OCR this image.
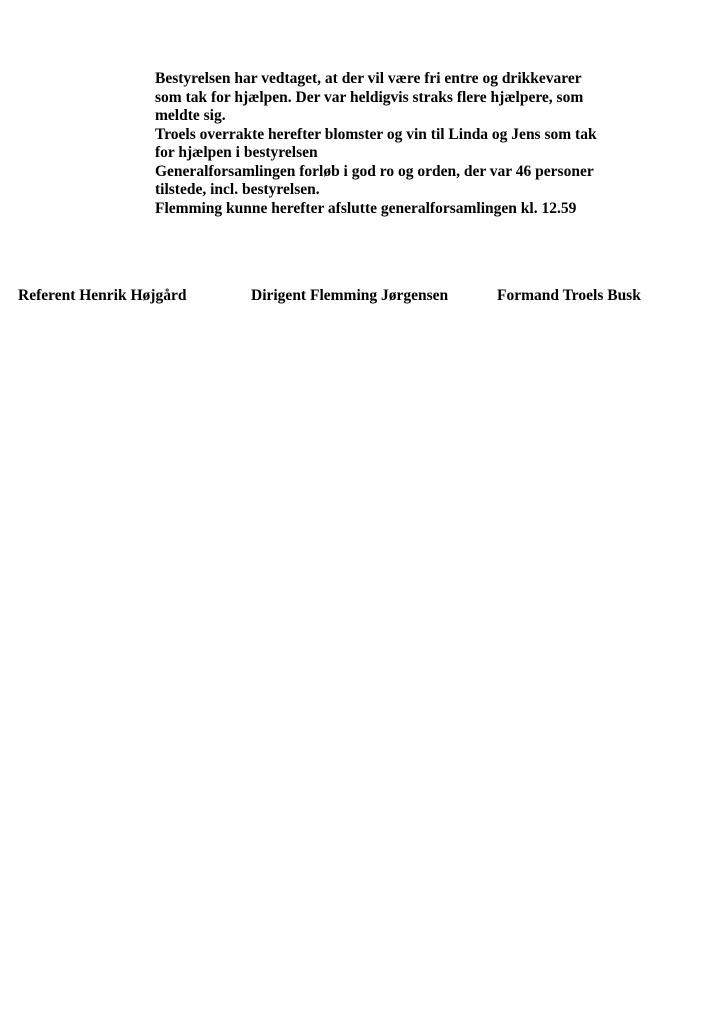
Bestyrelsen har vedtaget, at der vil være fri entre og drikkevarer
som tak for hjælpen. Der var heldigvis straks flere hjælpere, som
meldte sig.
Troels overrakte herefter blomster og vin til Linda og Jens som tak
for hjælpen i bestyrelsen
Generalforsamlingen forløb i god ro og orden, der var 46 personer
tilstede, incl. bestyrelsen.
Flemming kunne herefter afslutte generalforsamlingen kl. 12.59
Referent Henrik Højgård	Dirigent Flemming Jørgensen	Formand Troels Busk
